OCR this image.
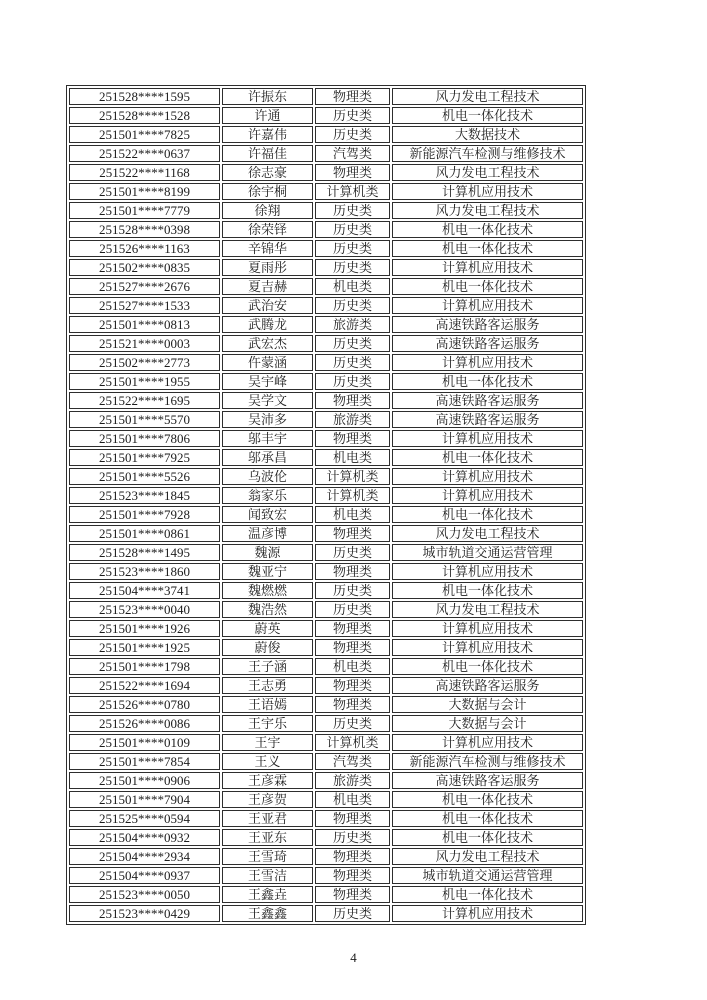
251528****1595	许振东	物理类	风力发电工程技术
251528****1528	许通	历史类	机电一体化技术
251501****7825	许嘉伟	历史类	大数据技术
251522****0637	许福佳	汽驾类	新能源汽车检测与维修技术
251522****1168	徐志豪	物理类	风力发电工程技术
251501****8199	徐宇桐	计算机类	计算机应用技术
251501****7779	徐翔	历史类	风力发电工程技术
251528****0398	徐荣铎	历史类	机电一体化技术
251526****1163	辛锦华	历史类	机电一体化技术
251502****0835	夏雨彤	历史类	计算机应用技术
251527****2676	夏吉赫	机电类	机电一体化技术
251527****1533	武治安	历史类	计算机应用技术
251501****0813	武腾龙	旅游类	高速铁路客运服务
251521****0003	武宏杰	历史类	高速铁路客运服务
251502****2773	仵蒙涵	历史类	计算机应用技术
251501****1955	吴宇峰	历史类	机电一体化技术
251522****1695	吴学文	物理类	高速铁路客运服务
251501****5570	吴沛多	旅游类	高速铁路客运服务
251501****7806	邬丰宇	物理类	计算机应用技术
251501****7925	邬承昌	机电类	机电一体化技术
251501****5526	乌波伦	计算机类	计算机应用技术
251523****1845	翁家乐	计算机类	计算机应用技术
251501****7928	闻致宏	机电类	机电一体化技术
251501****0861	温彦博	物理类	风力发电工程技术
251528****1495	魏源	历史类	城市轨道交通运营管理
251523****1860	魏亚宁	物理类	计算机应用技术
251504****3741	魏燃燃	历史类	机电一体化技术
251523****0040	魏浩然	历史类	风力发电工程技术
251501****1926	蔚英	物理类	计算机应用技术
251501****1925	蔚俊	物理类	计算机应用技术
251501****1798	王子涵	机电类	机电一体化技术
251522****1694	王志勇	物理类	高速铁路客运服务
251526****0780	王语嫣	物理类	大数据与会计
251526****0086	王宇乐	历史类	大数据与会计
251501****0109	王宇	计算机类	计算机应用技术
251501****7854	王义	汽驾类	新能源汽车检测与维修技术
251501****0906	王彦霖	旅游类	高速铁路客运服务
251501****7904	王彦贺	机电类	机电一体化技术
251525****0594	王亚君	物理类	机电一体化技术
251504****0932	王亚东	历史类	机电一体化技术
251504****2934	王雪琦	物理类	风力发电工程技术
251504****0937	王雪洁	物理类	城市轨道交通运营管理
251523****0050	王鑫垚	物理类	机电一体化技术
251523****0429	王鑫鑫	历史类	计算机应用技术
4
